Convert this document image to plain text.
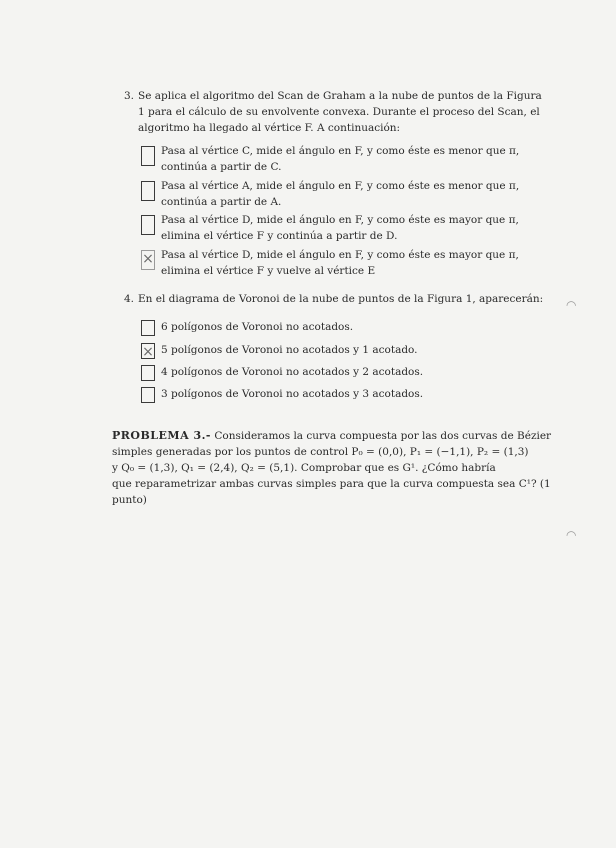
3. Se aplica el algoritmo del Scan de Graham a la nube de puntos de la Figura
1 para el cálculo de su envolvente convexa. Durante el proceso del Scan, el
algoritmo ha llegado al vértice F. A continuación:
Pasa al vértice C, mide el ángulo en F, y como éste es menor que π,
continúa a partir de C.
Pasa al vértice A, mide el ángulo en F, y como éste es menor que π,
continúa a partir de A.
Pasa al vértice D, mide el ángulo en F, y como éste es mayor que π,
elimina el vértice F y continúa a partir de D.
× Pasa al vértice D, mide el ángulo en F, y como éste es mayor que π,
elimina el vértice F y vuelve al vértice E
4. En el diagrama de Voronoi de la nube de puntos de la Figura 1, aparecerán:
6 polígonos de Voronoi no acotados.
× 5 polígonos de Voronoi no acotados y 1 acotado.
4 polígonos de Voronoi no acotados y 2 acotados.
3 polígonos de Voronoi no acotados y 3 acotados.
PROBLEMA 3.- Consideramos la curva compuesta por las dos curvas de Bézier
simples generadas por los puntos de control P₀ = (0,0), P₁ = (−1,1), P₂ = (1,3)
y Q₀ = (1,3), Q₁ = (2,4), Q₂ = (5,1). Comprobar que es G¹. ¿Cómo habría
que reparametrizar ambas curvas simples para que la curva compuesta sea C¹? (1
punto)
◠
◠
